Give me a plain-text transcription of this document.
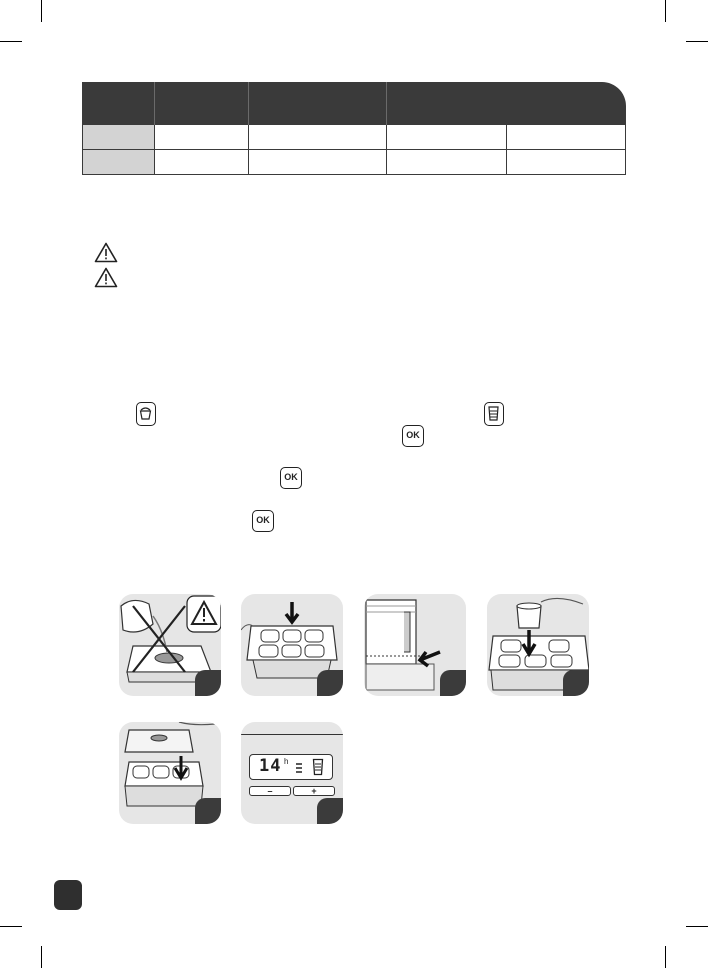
OK
OK
OK
14 h
–	+
